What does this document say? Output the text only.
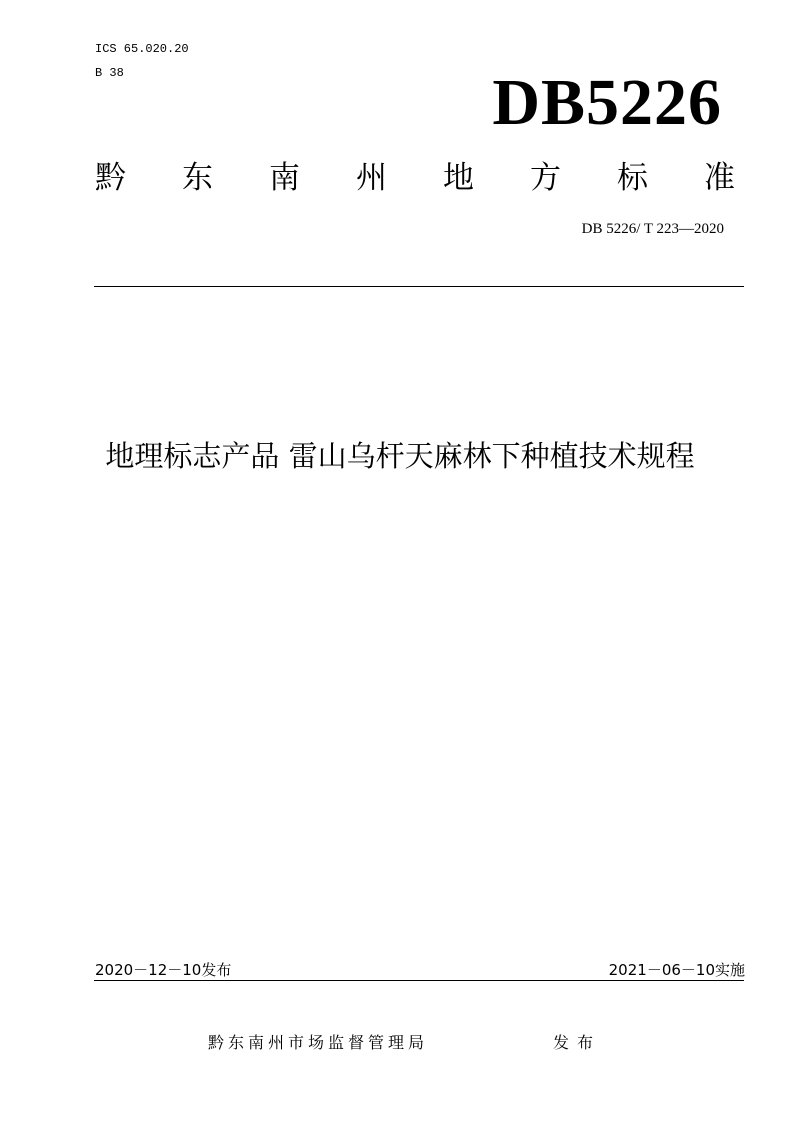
ICS 65.020.20
B 38	DB5226
黔 东 南 州 地 方 标 准
DB 5226/ T 223—2020
地理标志产品 雷山乌杆天麻林下种植技术规程
2020－12－10发布	2021－06－10实施
黔东南州市场监督管理局	发布
